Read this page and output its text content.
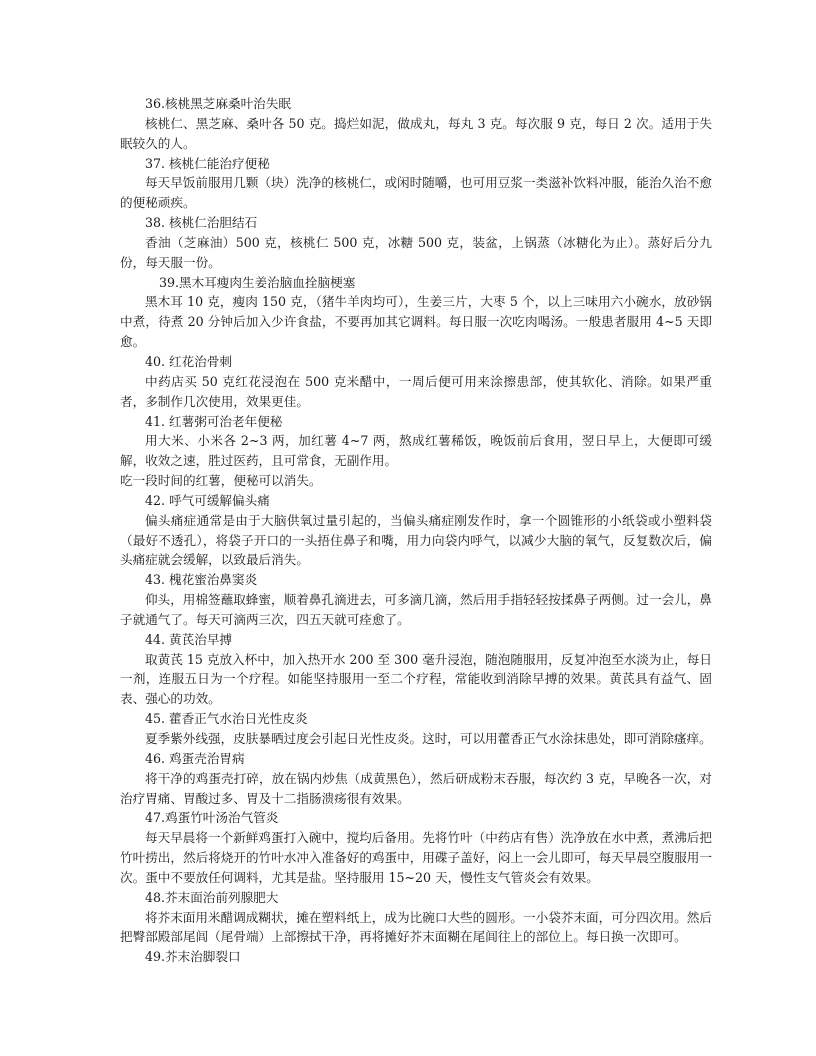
36.核桃黑芝麻桑叶治失眠
核桃仁、黑芝麻、桑叶各 50 克。捣烂如泥，做成丸，每丸 3 克。每次服 9 克，每日 2 次。适用于失眠较久的人。
37. 核桃仁能治疗便秘
每天早饭前服用几颗（块）洗净的核桃仁，或闲时随嚼，也可用豆浆一类滋补饮料冲服，能治久治不愈的便秘顽疾。
38. 核桃仁治胆结石
香油（芝麻油）500 克，核桃仁 500 克，冰糖 500 克，装盆，上锅蒸（冰糖化为止）。蒸好后分九份，每天服一份。
39.黑木耳瘦肉生姜治脑血拴脑梗塞
黑木耳 10 克，瘦肉 150 克，（猪牛羊肉均可），生姜三片，大枣 5 个，以上三味用六小碗水，放砂锅中煮，待煮 20 分钟后加入少许食盐，不要再加其它调料。每日服一次吃肉喝汤。一般患者服用 4~5 天即愈。
40. 红花治骨刺
中药店买 50 克红花浸泡在 500 克米醋中，一周后便可用来涂擦患部，使其软化、消除。如果严重者，多制作几次使用，效果更佳。
41. 红薯粥可治老年便秘
用大米、小米各 2~3 两，加红薯 4~7 两，熬成红薯稀饭，晚饭前后食用，翌日早上，大便即可缓解，收效之速，胜过医药，且可常食，无副作用。
吃一段时间的红薯，便秘可以消失。
42. 呼气可缓解偏头痛
偏头痛症通常是由于大脑供氧过量引起的，当偏头痛症刚发作时，拿一个圆锥形的小纸袋或小塑料袋（最好不透孔），将袋子开口的一头捂住鼻子和嘴，用力向袋内呼气，以减少大脑的氧气，反复数次后，偏头痛症就会缓解，以致最后消失。
43. 槐花蜜治鼻窦炎
仰头，用棉签蘸取蜂蜜，顺着鼻孔滴进去，可多滴几滴，然后用手指轻轻按揉鼻子两侧。过一会儿，鼻子就通气了。每天可滴两三次，四五天就可痊愈了。
44. 黄芪治早搏
取黄芪 15 克放入杯中，加入热开水 200 至 300 毫升浸泡，随泡随服用，反复冲泡至水淡为止，每日一剂，连服五日为一个疗程。如能坚持服用一至二个疗程，常能收到消除早搏的效果。黄芪具有益气、固表、强心的功效。
45. 藿香正气水治日光性皮炎
夏季紫外线强，皮肤暴晒过度会引起日光性皮炎。这时，可以用藿香正气水涂抹患处，即可消除瘙痒。
46. 鸡蛋壳治胃病
将干净的鸡蛋壳打碎，放在锅内炒焦（成黄黑色），然后研成粉末吞服，每次约 3 克，早晚各一次，对治疗胃痛、胃酸过多、胃及十二指肠溃疡很有效果。
47.鸡蛋竹叶汤治气管炎
每天早晨将一个新鲜鸡蛋打入碗中，搅均后备用。先将竹叶（中药店有售）洗净放在水中煮，煮沸后把竹叶捞出，然后将烧开的竹叶水冲入准备好的鸡蛋中，用碟子盖好，闷上一会儿即可，每天早晨空腹服用一次。蛋中不要放任何调料，尤其是盐。坚持服用 15~20 天，慢性支气管炎会有效果。
48.芥末面治前列腺肥大
将芥末面用米醋调成糊状，摊在塑料纸上，成为比碗口大些的圆形。一小袋芥末面，可分四次用。然后把臀部殿部尾闾（尾骨端）上部擦拭干净，再将摊好芥末面糊在尾闾往上的部位上。每日换一次即可。
49.芥末治脚裂口
